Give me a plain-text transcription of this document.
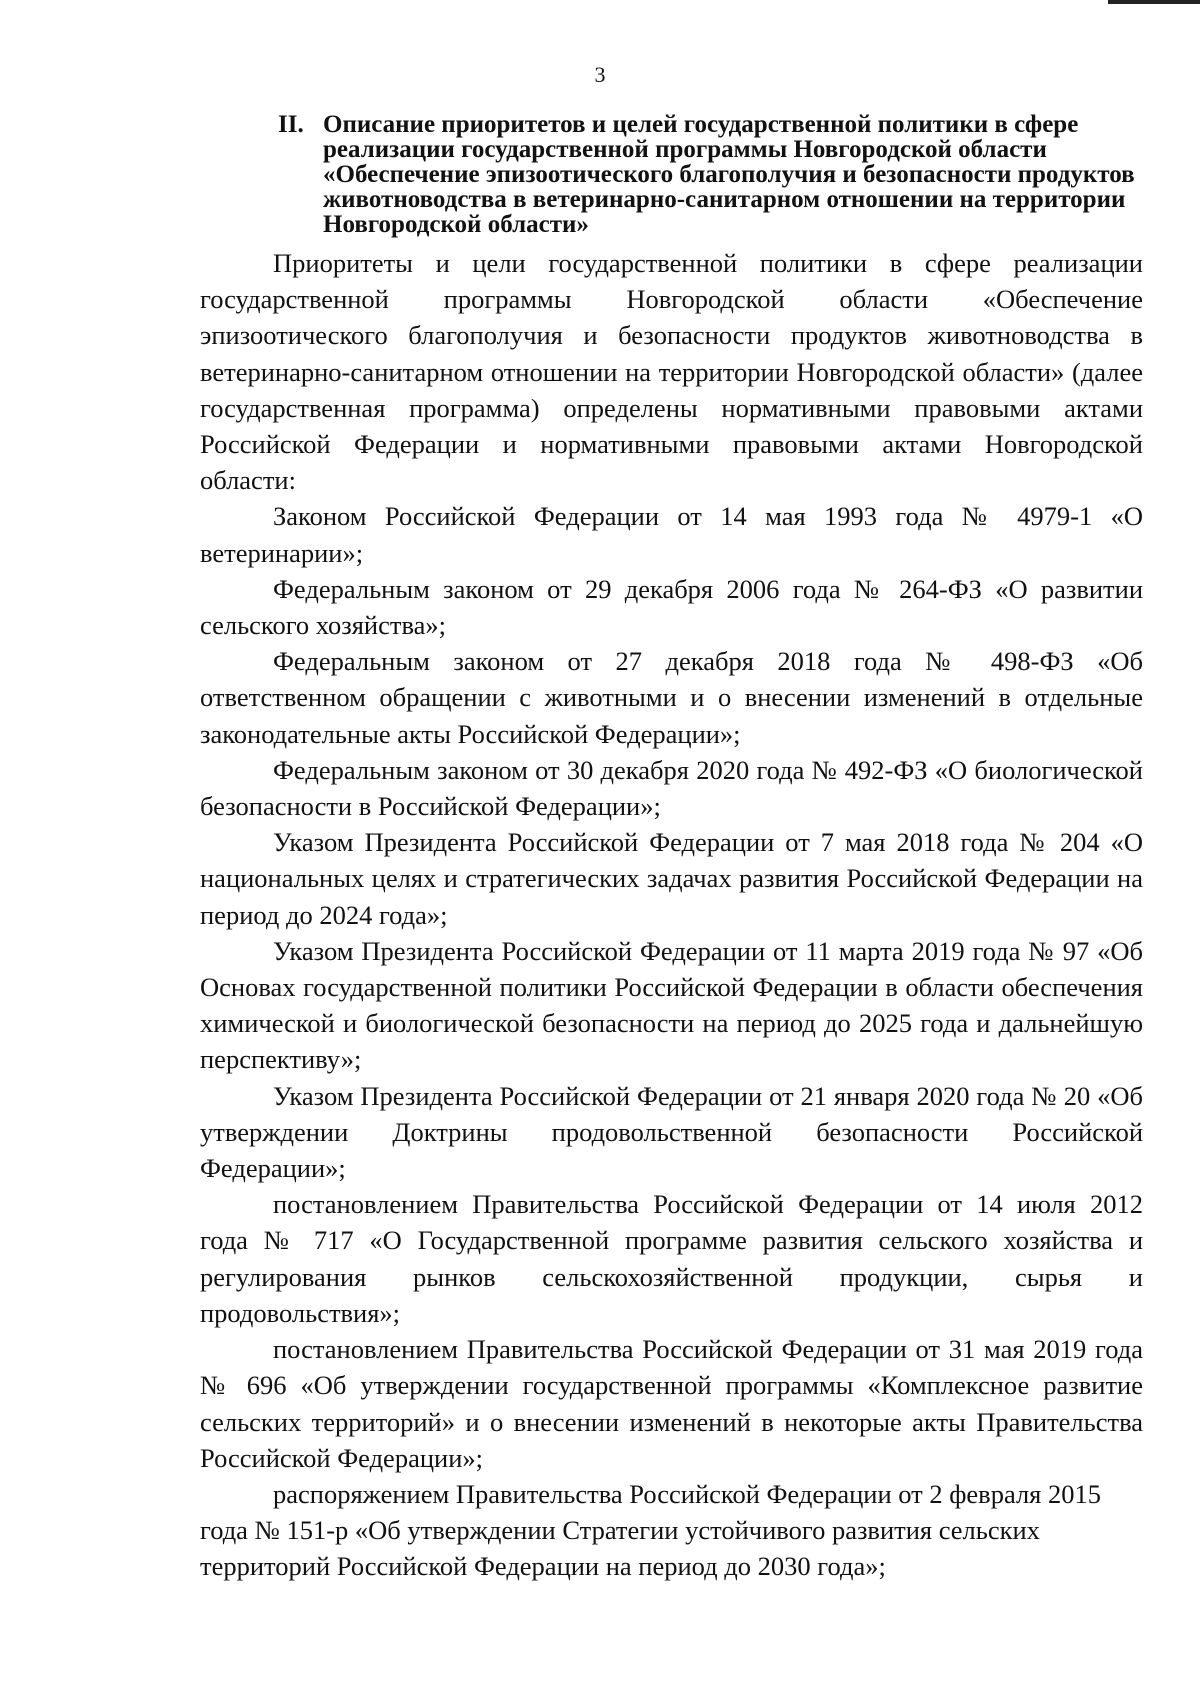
3
II. Описание приоритетов и целей государственной политики в сфере реализации государственной программы Новгородской области «Обеспечение эпизоотического благополучия и безопасности продуктов животноводства в ветеринарно-санитарном отношении на территории Новгородской области»

Приоритеты и цели государственной политики в сфере реализации государственной программы Новгородской области «Обеспечение эпизоотического благополучия и безопасности продуктов животноводства в ветеринарно-санитарном отношении на территории Новгородской области» (далее государственная программа) определены нормативными правовыми актами Российской Федерации и нормативными правовыми актами Новгородской области:

Законом Российской Федерации от 14 мая 1993 года № 4979-1 «О ветеринарии»;

Федеральным законом от 29 декабря 2006 года № 264-ФЗ «О развитии сельского хозяйства»;

Федеральным законом от 27 декабря 2018 года № 498-ФЗ «Об ответственном обращении с животными и о внесении изменений в отдельные законодательные акты Российской Федерации»;

Федеральным законом от 30 декабря 2020 года № 492-ФЗ «О биологической безопасности в Российской Федерации»;

Указом Президента Российской Федерации от 7 мая 2018 года № 204 «О национальных целях и стратегических задачах развития Российской Федерации на период до 2024 года»;

Указом Президента Российской Федерации от 11 марта 2019 года № 97 «Об Основах государственной политики Российской Федерации в области обеспечения химической и биологической безопасности на период до 2025 года и дальнейшую перспективу»;

Указом Президента Российской Федерации от 21 января 2020 года № 20 «Об утверждении Доктрины продовольственной безопасности Российской Федерации»;

постановлением Правительства Российской Федерации от 14 июля 2012 года № 717 «О Государственной программе развития сельского хозяйства и регулирования рынков сельскохозяйственной продукции, сырья и продовольствия»;

постановлением Правительства Российской Федерации от 31 мая 2019 года № 696 «Об утверждении государственной программы «Комплексное развитие сельских территорий» и о внесении изменений в некоторые акты Правительства Российской Федерации»;

распоряжением Правительства Российской Федерации от 2 февраля 2015 года № 151-р «Об утверждении Стратегии устойчивого развития сельских территорий Российской Федерации на период до 2030 года»;
